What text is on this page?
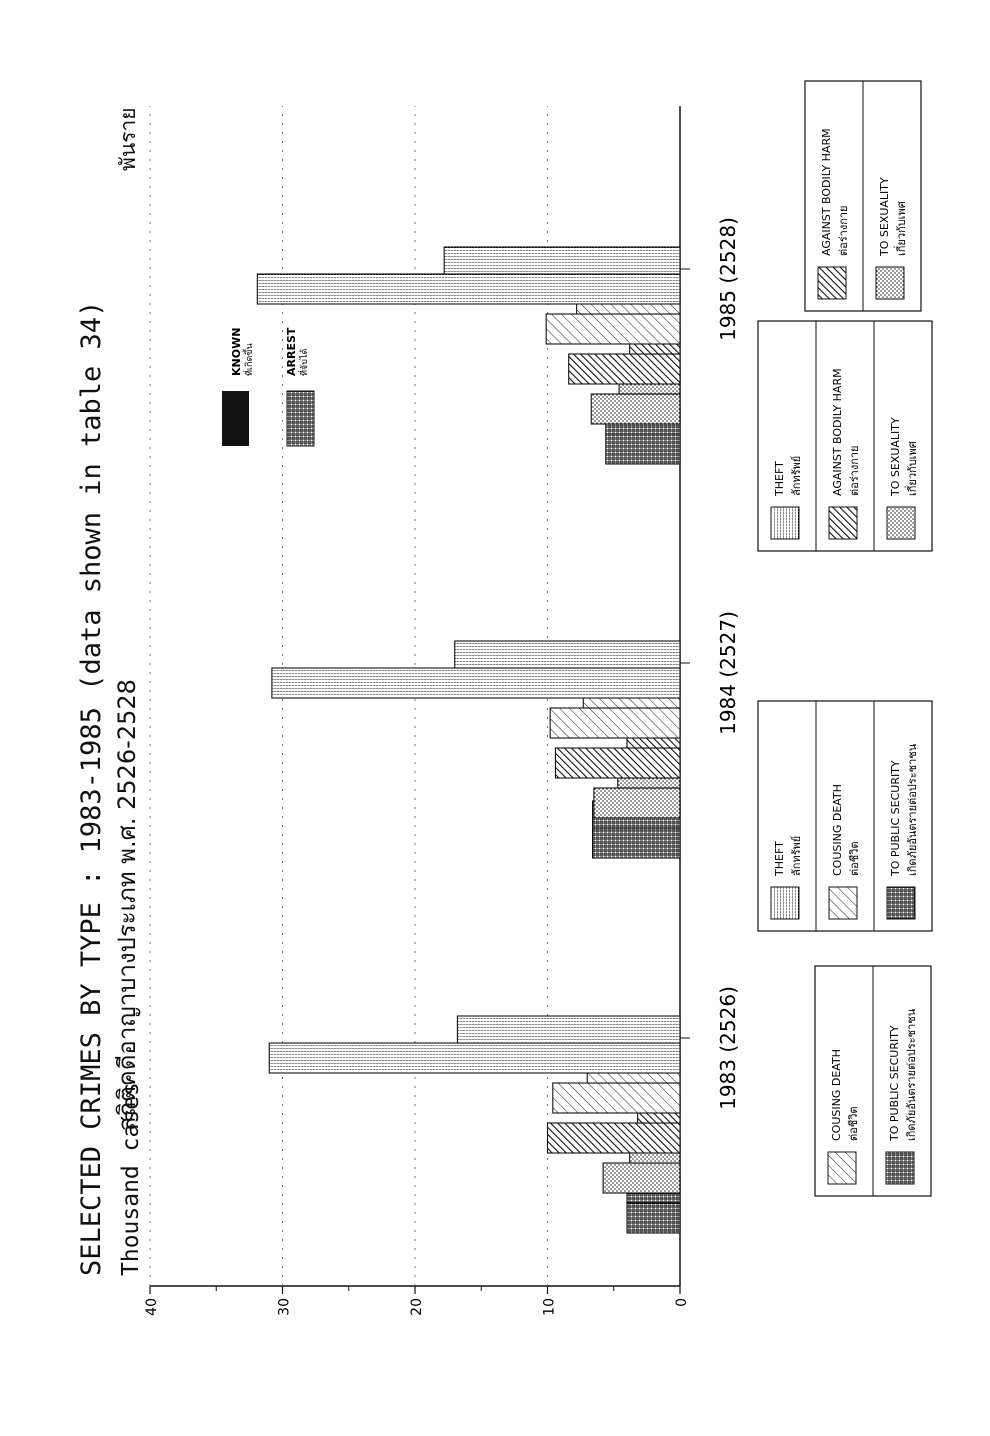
SELECTED CRIMES BY TYPE : 1983-1985 (data shown in table 34) สถิติคดีอาญาบางประเภท พ.ศ. 2526-2528
Thousand cases
พันราย
0
10
20
30
40
1983 (2526)
1984 (2527)
1985 (2528)
KNOWN ที่เกิดขึ้น	ARREST ที่จับได้
COUSING DEATH ต่อชีวิต	TO PUBLIC SECURITY เกิดภัยอันตรายต่อประชาชน
THEFT ลักทรัพย์	COUSING DEATH ต่อชีวิต	TO PUBLIC SECURITY เกิดภัยอันตรายต่อประชาชน
THEFT ลักทรัพย์	AGAINST BODILY HARM ต่อร่างกาย	TO SEXUALITY เกี่ยวกับเพศ
AGAINST BODILY HARM ต่อร่างกาย	TO SEXUALITY เกี่ยวกับเพศ
